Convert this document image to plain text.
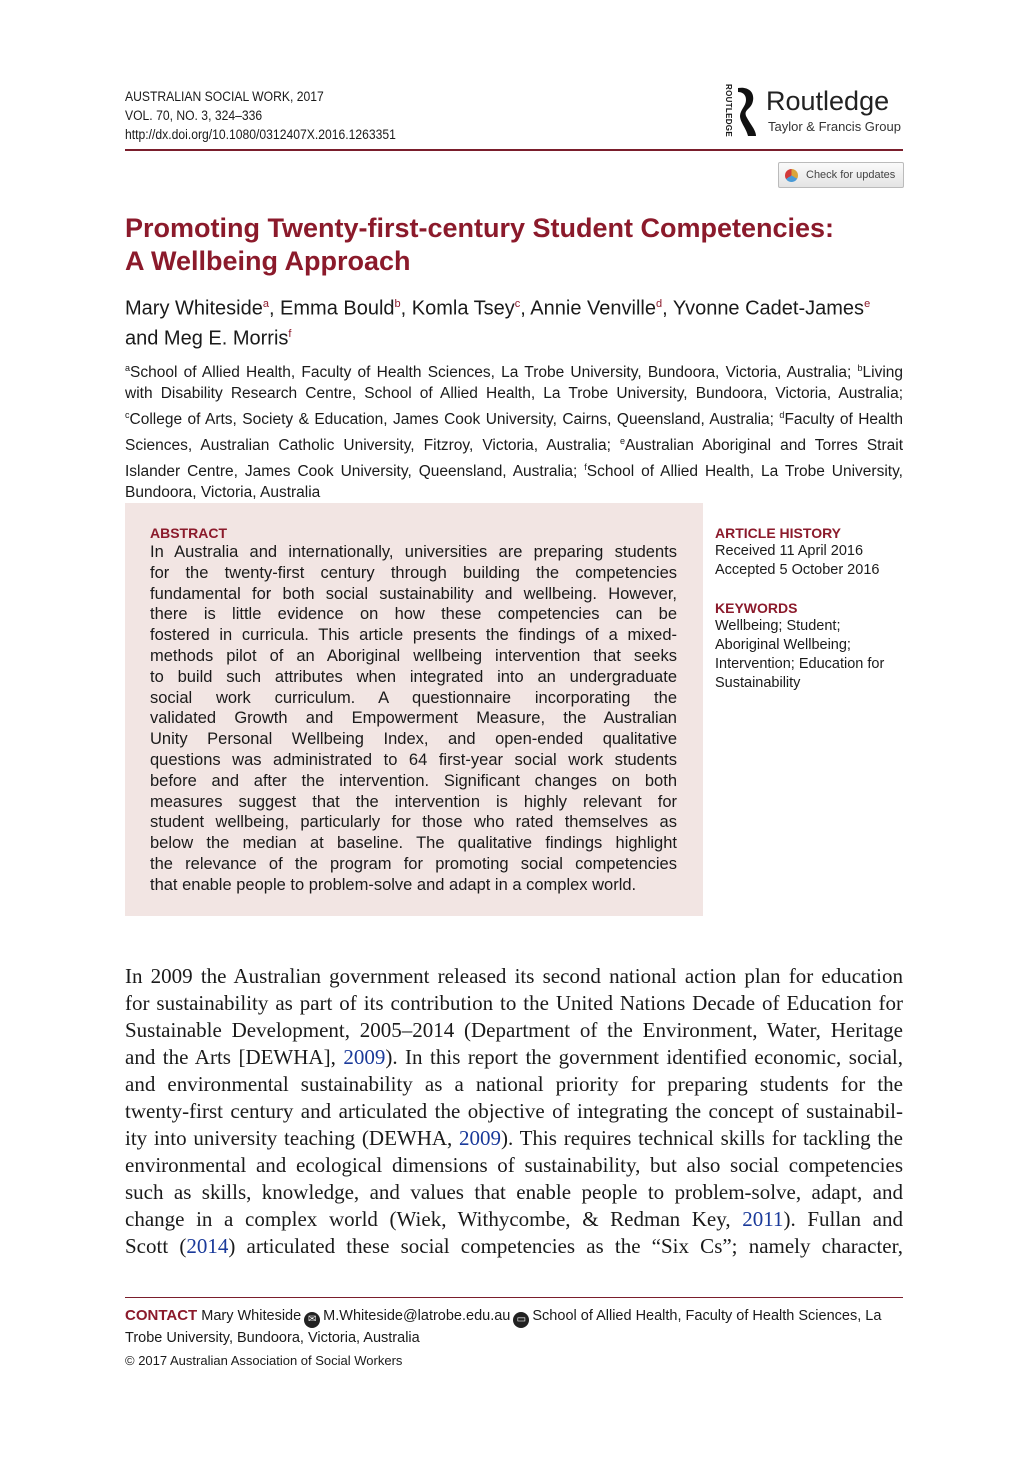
AUSTRALIAN SOCIAL WORK, 2017
VOL. 70, NO. 3, 324–336
http://dx.doi.org/10.1080/0312407X.2016.1263351	ROUTLEDGE Routledge
Taylor & Francis Group
Check for updates
Promoting Twenty-first-century Student Competencies:
A Wellbeing Approach
Mary Whiteside$^a$, Emma Bould$^b$, Komla Tsey$^c$, Annie Venville$^d$, Yvonne Cadet-James$^e$
and Meg E. Morris$^f$
$^a$School of Allied Health, Faculty of Health Sciences, La Trobe University, Bundoora, Victoria, Australia; $^b$Living
with Disability Research Centre, School of Allied Health, La Trobe University, Bundoora, Victoria, Australia;
$^c$College of Arts, Society & Education, James Cook University, Cairns, Queensland, Australia; $^d$Faculty of Health
Sciences, Australian Catholic University, Fitzroy, Victoria, Australia; $^e$Australian Aboriginal and Torres Strait
Islander Centre, James Cook University, Queensland, Australia; $^f$School of Allied Health, La Trobe University,
Bundoora, Victoria, Australia
ABSTRACT
In Australia and internationally, universities are preparing students
for the twenty-first century through building the competencies
fundamental for both social sustainability and wellbeing. However,
there is little evidence on how these competencies can be
fostered in curricula. This article presents the findings of a mixed-
methods pilot of an Aboriginal wellbeing intervention that seeks
to build such attributes when integrated into an undergraduate
social work curriculum. A questionnaire incorporating the
validated Growth and Empowerment Measure, the Australian
Unity Personal Wellbeing Index, and open-ended qualitative
questions was administrated to 64 first-year social work students
before and after the intervention. Significant changes on both
measures suggest that the intervention is highly relevant for
student wellbeing, particularly for those who rated themselves as
below the median at baseline. The qualitative findings highlight
the relevance of the program for promoting social competencies
that enable people to problem-solve and adapt in a complex world.
ARTICLE HISTORY
Received 11 April 2016
Accepted 5 October 2016
KEYWORDS
Wellbeing; Student;
Aboriginal Wellbeing;
Intervention; Education for
Sustainability
In 2009 the Australian government released its second national action plan for education
for sustainability as part of its contribution to the United Nations Decade of Education for
Sustainable Development, 2005–2014 (Department of the Environment, Water, Heritage
and the Arts [DEWHA], 2009). In this report the government identified economic, social,
and environmental sustainability as a national priority for preparing students for the
twenty-first century and articulated the objective of integrating the concept of sustainabil-
ity into university teaching (DEWHA, 2009). This requires technical skills for tackling the
environmental and ecological dimensions of sustainability, but also social competencies
such as skills, knowledge, and values that enable people to problem-solve, adapt, and
change in a complex world (Wiek, Withycombe, & Redman Key, 2011). Fullan and
Scott (2014) articulated these social competencies as the “Six Cs”; namely character,
CONTACT Mary Whiteside ✉ M.Whiteside@latrobe.edu.au ▭ School of Allied Health, Faculty of Health Sciences, La
Trobe University, Bundoora, Victoria, Australia
© 2017 Australian Association of Social Workers
